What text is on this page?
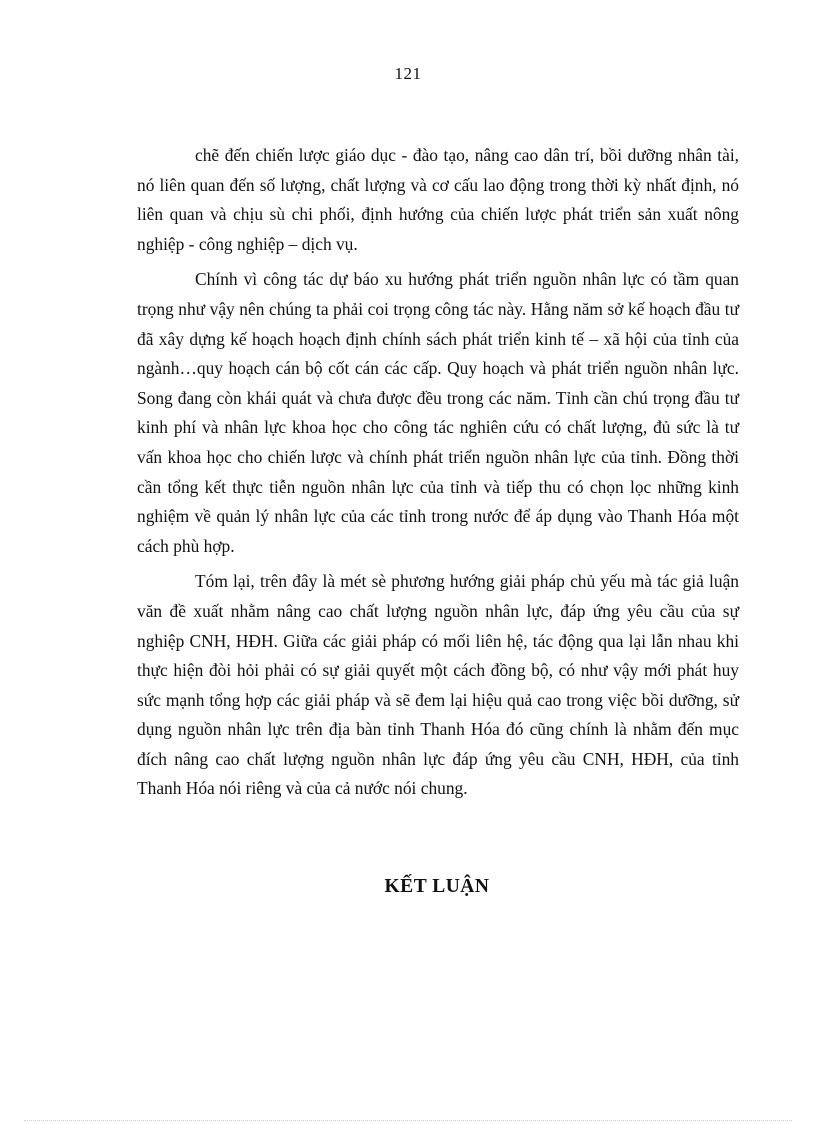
121

chẽ đến chiến lược giáo dục - đào tạo, nâng cao dân trí, bồi dưỡng nhân tài, nó liên quan đến số lượng, chất lượng và cơ cấu lao động trong thời kỳ nhất định, nó liên quan và chịu sù chi phối, định hướng của chiến lược phát triển sản xuất nông nghiệp - công nghiệp – dịch vụ.

Chính vì công tác dự báo xu hướng phát triển nguồn nhân lực có tầm quan trọng như vậy nên chúng ta phải coi trọng công tác này. Hằng năm sở kế hoạch đầu tư đã xây dựng kế hoạch hoạch định chính sách phát triển kinh tế – xã hội của tỉnh của ngành…quy hoạch cán bộ cốt cán các cấp. Quy hoạch và phát triển nguồn nhân lực. Song đang còn khái quát và chưa được đều trong các năm. Tỉnh cần chú trọng đầu tư kinh phí và nhân lực khoa học cho công tác nghiên cứu có chất lượng, đủ sức là tư vấn khoa học cho chiến lược và chính phát triển nguồn nhân lực của tỉnh. Đồng thời cần tổng kết thực tiễn nguồn nhân lực của tỉnh và tiếp thu có chọn lọc những kinh nghiệm về quản lý nhân lực của các tỉnh trong nước để áp dụng vào Thanh Hóa một cách phù hợp.

Tóm lại, trên đây là mét sè phương hướng giải pháp chủ yếu mà tác giả luận văn đề xuất nhằm nâng cao chất lượng nguồn nhân lực, đáp ứng yêu cầu của sự nghiệp CNH, HĐH. Giữa các giải pháp có mối liên hệ, tác động qua lại lẫn nhau khi thực hiện đòi hỏi phải có sự giải quyết một cách đồng bộ, có như vậy mới phát huy sức mạnh tổng hợp các giải pháp và sẽ đem lại hiệu quả cao trong việc bồi dưỡng, sử dụng nguồn nhân lực trên địa bàn tỉnh Thanh Hóa đó cũng chính là nhằm đến mục đích nâng cao chất lượng nguồn nhân lực đáp ứng yêu cầu CNH, HĐH, của tỉnh Thanh Hóa nói riêng và của cả nước nói chung.

KẾT LUẬN
